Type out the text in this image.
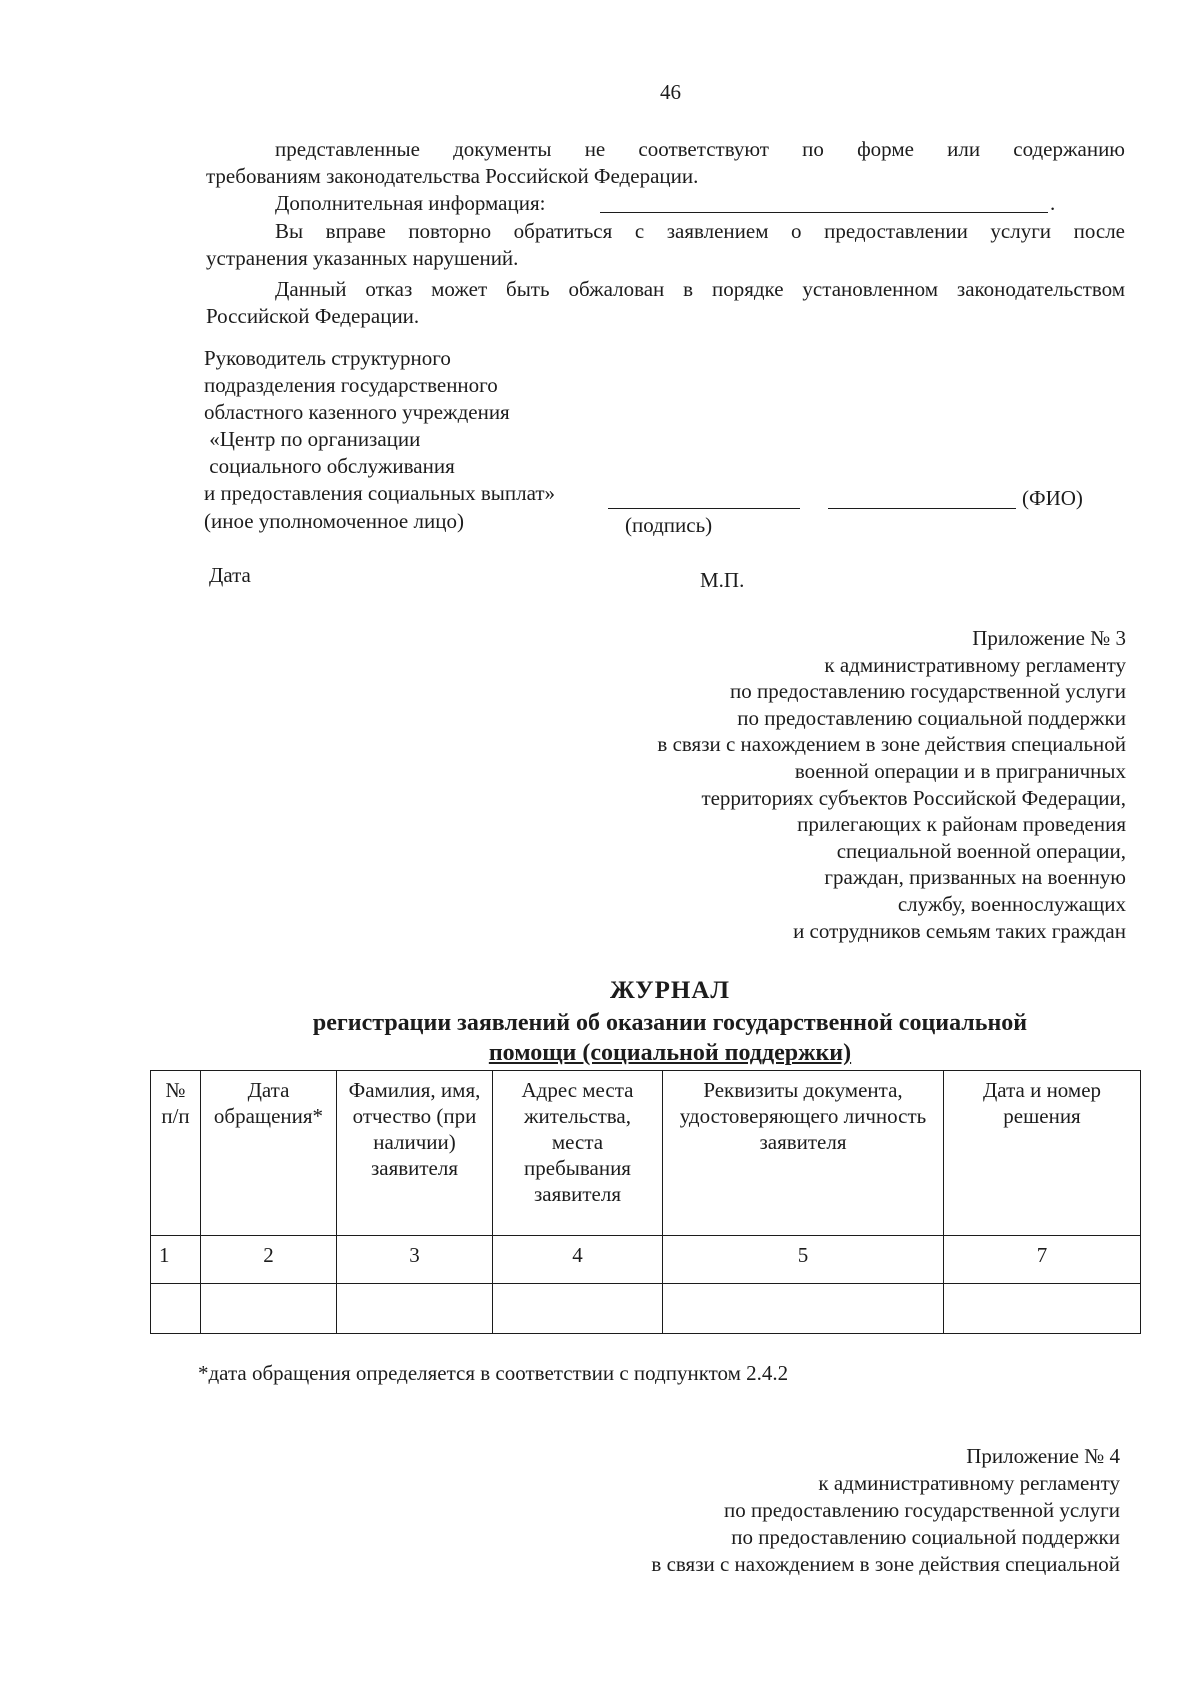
46
представленные документы не соответствуют по форме или содержанию
требованиям законодательства Российской Федерации.
Дополнительная информация:	.
Вы вправе повторно обратиться с заявлением о предоставлении услуги после
устранения указанных нарушений.
Данный отказ может быть обжалован в порядке установленном законодательством
Российской Федерации.
Руководитель структурного
подразделения государственного
областного казенного учреждения
«Центр по организации
социального обслуживания
и предоставления социальных выплат»	(ФИО)
(иное уполномоченное лицо)	(подпись)
Дата	М.П.
Приложение № 3
к административному регламенту
по предоставлению государственной услуги
по предоставлению социальной поддержки
в связи с нахождением в зоне действия специальной
военной операции и в приграничных
территориях субъектов Российской Федерации,
прилегающих к районам проведения
специальной военной операции,
граждан, призванных на военную
службу, военнослужащих
и сотрудников семьям таких граждан
ЖУРНАЛ
регистрации заявлений об оказании государственной социальной
помощи (социальной поддержки)
№ п/п	Дата обращения*	Фамилия, имя, отчество (при наличии) заявителя	Адрес места жительства, места пребывания заявителя	Реквизиты документа, удостоверяющего личность заявителя	Дата и номер решения

1	2	3	4	5	7

*дата обращения определяется в соответствии с подпунктом 2.4.2
Приложение № 4
к административному регламенту
по предоставлению государственной услуги
по предоставлению социальной поддержки
в связи с нахождением в зоне действия специальной
